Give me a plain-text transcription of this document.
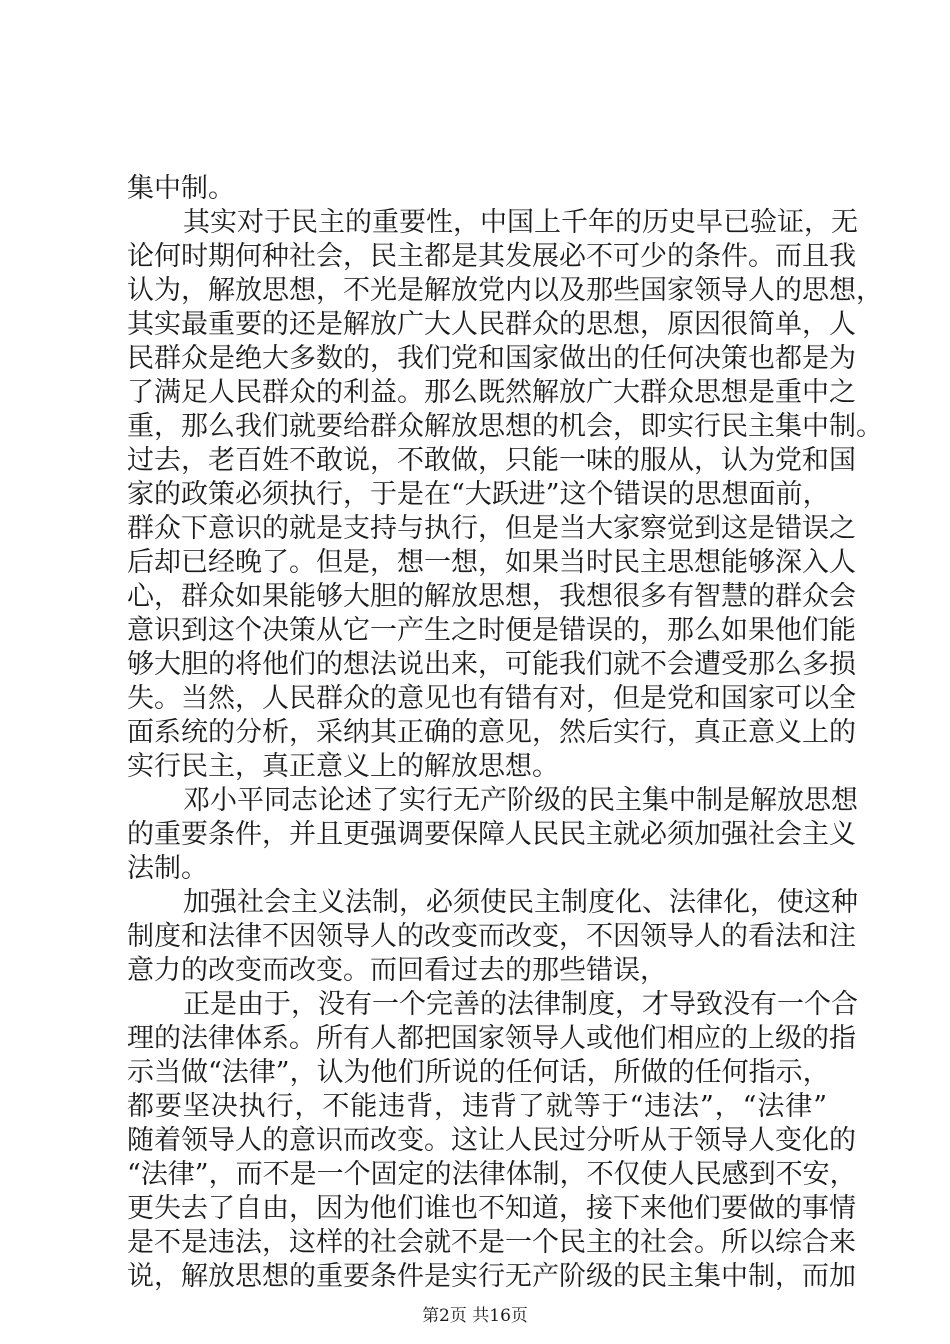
集中制。
其实对于民主的重要性，中国上千年的历史早已验证，无
论何时期何种社会，民主都是其发展必不可少的条件。而且我
认为，解放思想，不光是解放党内以及那些国家领导人的思想，
其实最重要的还是解放广大人民群众的思想，原因很简单，人
民群众是绝大多数的，我们党和国家做出的任何决策也都是为
了满足人民群众的利益。那么既然解放广大群众思想是重中之
重，那么我们就要给群众解放思想的机会，即实行民主集中制。
过去，老百姓不敢说，不敢做，只能一味的服从，认为党和国
家的政策必须执行，于是在“大跃进”这个错误的思想面前，
群众下意识的就是支持与执行，但是当大家察觉到这是错误之
后却已经晚了。但是，想一想，如果当时民主思想能够深入人
心，群众如果能够大胆的解放思想，我想很多有智慧的群众会
意识到这个决策从它一产生之时便是错误的，那么如果他们能
够大胆的将他们的想法说出来，可能我们就不会遭受那么多损
失。当然，人民群众的意见也有错有对，但是党和国家可以全
面系统的分析，采纳其正确的意见，然后实行，真正意义上的
实行民主，真正意义上的解放思想。
邓小平同志论述了实行无产阶级的民主集中制是解放思想
的重要条件，并且更强调要保障人民民主就必须加强社会主义
法制。
加强社会主义法制，必须使民主制度化、法律化，使这种
制度和法律不因领导人的改变而改变，不因领导人的看法和注
意力的改变而改变。而回看过去的那些错误，
正是由于，没有一个完善的法律制度，才导致没有一个合
理的法律体系。所有人都把国家领导人或他们相应的上级的指
示当做“法律”，认为他们所说的任何话，所做的任何指示，
都要坚决执行，不能违背，违背了就等于“违法”，“法律”
随着领导人的意识而改变。这让人民过分听从于领导人变化的
“法律”，而不是一个固定的法律体制，不仅使人民感到不安，
更失去了自由，因为他们谁也不知道，接下来他们要做的事情
是不是违法，这样的社会就不是一个民主的社会。所以综合来
说，解放思想的重要条件是实行无产阶级的民主集中制，而加
第2页 共16页
